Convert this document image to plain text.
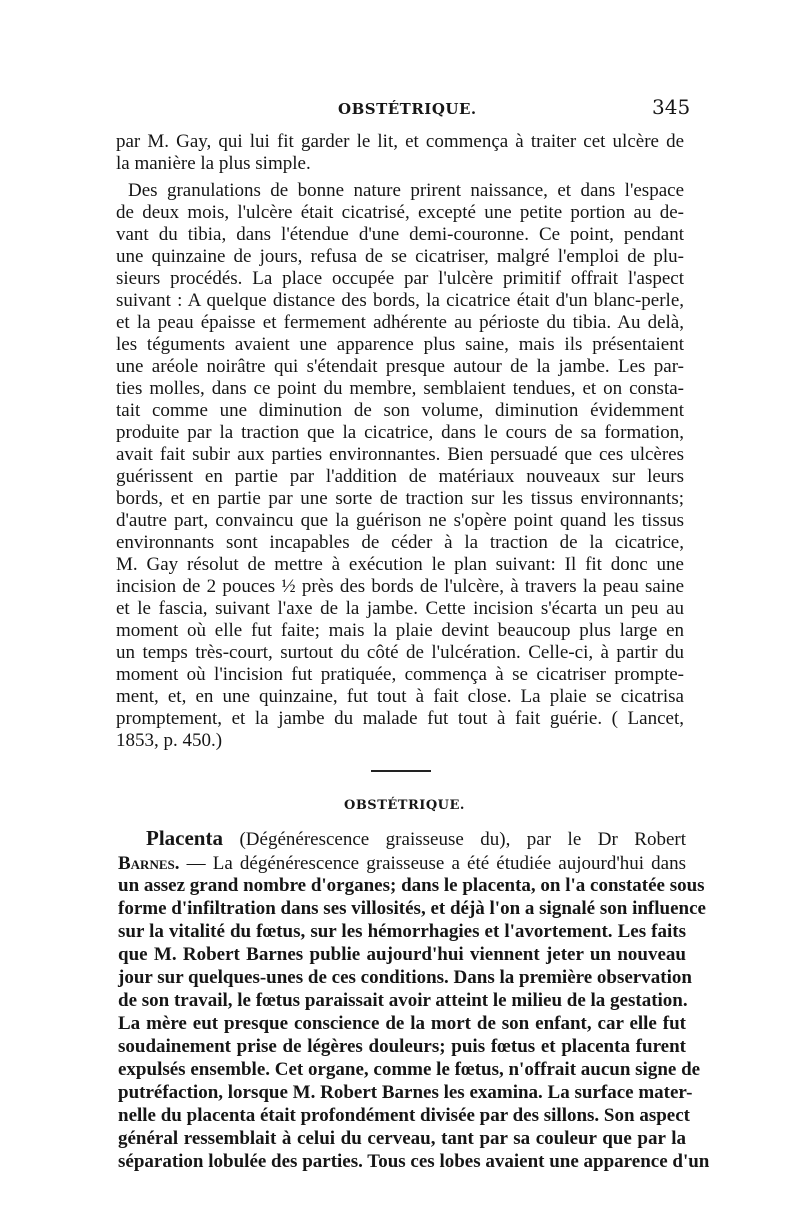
OBSTÉTRIQUE.	345
par M. Gay, qui lui fit garder le lit, et commença à traiter cet ulcère de
la manière la plus simple.
Des granulations de bonne nature prirent naissance, et dans l'espace
de deux mois, l'ulcère était cicatrisé, excepté une petite portion au de-
vant du tibia, dans l'étendue d'une demi-couronne. Ce point, pendant
une quinzaine de jours, refusa de se cicatriser, malgré l'emploi de plu-
sieurs procédés. La place occupée par l'ulcère primitif offrait l'aspect
suivant : A quelque distance des bords, la cicatrice était d'un blanc-perle,
et la peau épaisse et fermement adhérente au périoste du tibia. Au delà,
les téguments avaient une apparence plus saine, mais ils présentaient
une aréole noirâtre qui s'étendait presque autour de la jambe. Les par-
ties molles, dans ce point du membre, semblaient tendues, et on consta-
tait comme une diminution de son volume, diminution évidemment
produite par la traction que la cicatrice, dans le cours de sa formation,
avait fait subir aux parties environnantes. Bien persuadé que ces ulcères
guérissent en partie par l'addition de matériaux nouveaux sur leurs
bords, et en partie par une sorte de traction sur les tissus environnants;
d'autre part, convaincu que la guérison ne s'opère point quand les tissus
environnants sont incapables de céder à la traction de la cicatrice,
M. Gay résolut de mettre à exécution le plan suivant: Il fit donc une
incision de 2 pouces ½ près des bords de l'ulcère, à travers la peau saine
et le fascia, suivant l'axe de la jambe. Cette incision s'écarta un peu au
moment où elle fut faite; mais la plaie devint beaucoup plus large en
un temps très-court, surtout du côté de l'ulcération. Celle-ci, à partir du
moment où l'incision fut pratiquée, commença à se cicatriser prompte-
ment, et, en une quinzaine, fut tout à fait close. La plaie se cicatrisa
promptement, et la jambe du malade fut tout à fait guérie. ( Lancet,
1853, p. 450.)
OBSTÉTRIQUE.
Placenta (Dégénérescence graisseuse du), par le Dr Robert
Barnes. — La dégénérescence graisseuse a été étudiée aujourd'hui dans
un assez grand nombre d'organes; dans le placenta, on l'a constatée sous
forme d'infiltration dans ses villosités, et déjà l'on a signalé son influence
sur la vitalité du fœtus, sur les hémorrhagies et l'avortement. Les faits
que M. Robert Barnes publie aujourd'hui viennent jeter un nouveau
jour sur quelques-unes de ces conditions. Dans la première observation
de son travail, le fœtus paraissait avoir atteint le milieu de la gestation.
La mère eut presque conscience de la mort de son enfant, car elle fut
soudainement prise de légères douleurs; puis fœtus et placenta furent
expulsés ensemble. Cet organe, comme le fœtus, n'offrait aucun signe de
putréfaction, lorsque M. Robert Barnes les examina. La surface mater-
nelle du placenta était profondément divisée par des sillons. Son aspect
général ressemblait à celui du cerveau, tant par sa couleur que par la
séparation lobulée des parties. Tous ces lobes avaient une apparence d'un
